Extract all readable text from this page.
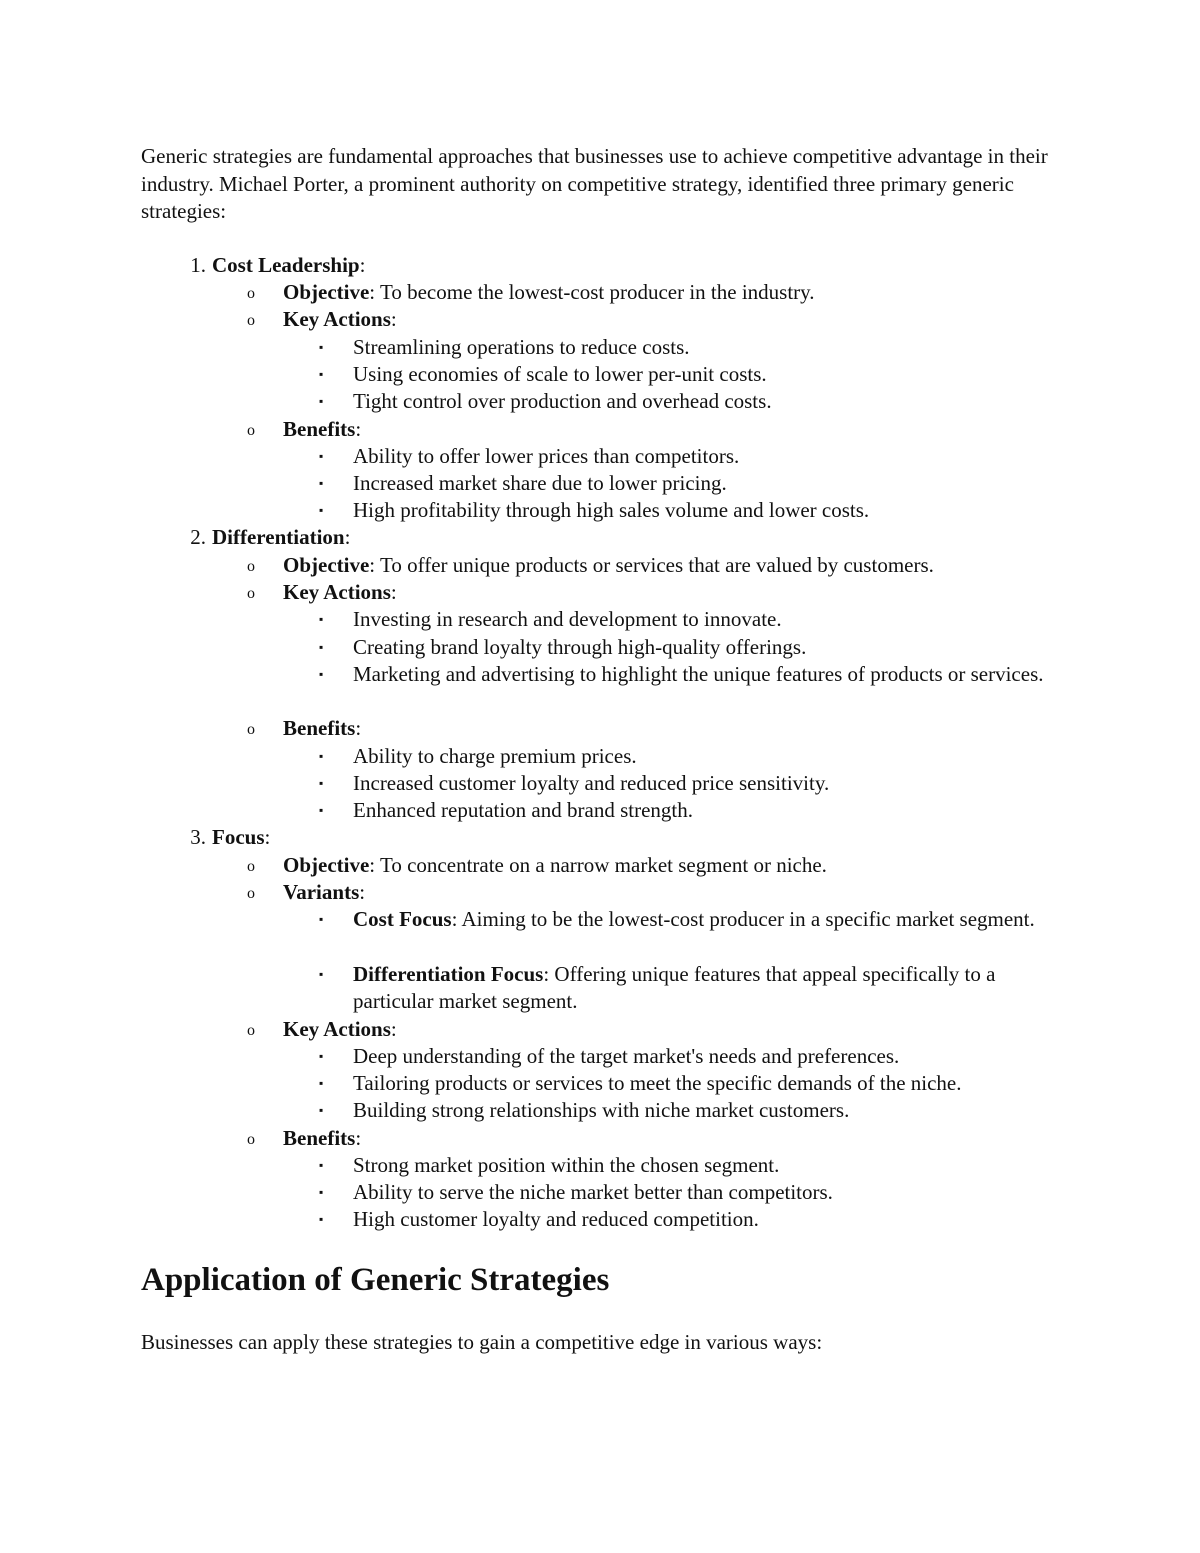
Generic strategies are fundamental approaches that businesses use to achieve competitive advantage in their industry. Michael Porter, a prominent authority on competitive strategy, identified three primary generic strategies:

1. Cost Leadership:
o Objective: To become the lowest-cost producer in the industry.
o Key Actions:
▪ Streamlining operations to reduce costs.
▪ Using economies of scale to lower per-unit costs.
▪ Tight control over production and overhead costs.
o Benefits:
▪ Ability to offer lower prices than competitors.
▪ Increased market share due to lower pricing.
▪ High profitability through high sales volume and lower costs.
2. Differentiation:
o Objective: To offer unique products or services that are valued by customers.
o Key Actions:
▪ Investing in research and development to innovate.
▪ Creating brand loyalty through high-quality offerings.
▪ Marketing and advertising to highlight the unique features of products or services.
o Benefits:
▪ Ability to charge premium prices.
▪ Increased customer loyalty and reduced price sensitivity.
▪ Enhanced reputation and brand strength.
3. Focus:
o Objective: To concentrate on a narrow market segment or niche.
o Variants:
▪ Cost Focus: Aiming to be the lowest-cost producer in a specific market segment.
▪ Differentiation Focus: Offering unique features that appeal specifically to a particular market segment.
o Key Actions:
▪ Deep understanding of the target market's needs and preferences.
▪ Tailoring products or services to meet the specific demands of the niche.
▪ Building strong relationships with niche market customers.
o Benefits:
▪ Strong market position within the chosen segment.
▪ Ability to serve the niche market better than competitors.
▪ High customer loyalty and reduced competition.
Application of Generic Strategies

Businesses can apply these strategies to gain a competitive edge in various ways:
